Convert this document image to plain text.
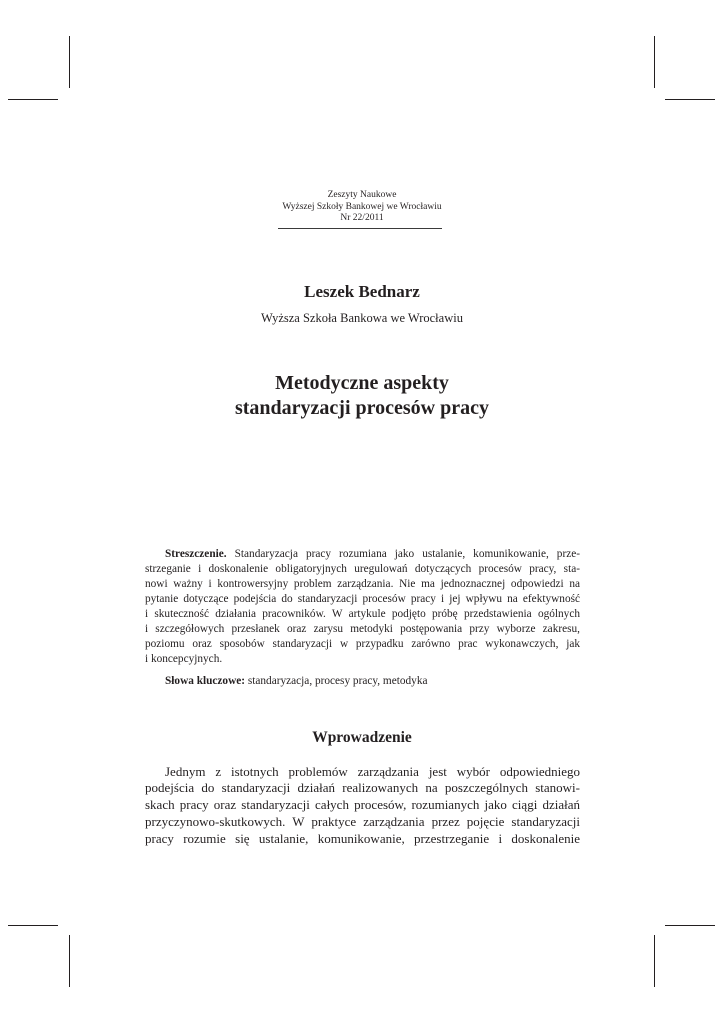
Zeszyty Naukowe
Wyższej Szkoły Bankowej we Wrocławiu
Nr 22/2011
Leszek Bednarz
Wyższa Szkoła Bankowa we Wrocławiu
Metodyczne aspekty
standaryzacji procesów pracy
Streszczenie. Standaryzacja pracy rozumiana jako ustalanie, komunikowanie, prze-
strzeganie i doskonalenie obligatoryjnych uregulowań dotyczących procesów pracy, sta-
nowi ważny i kontrowersyjny problem zarządzania. Nie ma jednoznacznej odpowiedzi na
pytanie dotyczące podejścia do standaryzacji procesów pracy i jej wpływu na efektywność
i skuteczność działania pracowników. W artykule podjęto próbę przedstawienia ogólnych
i szczegółowych przesłanek oraz zarysu metodyki postępowania przy wyborze zakresu,
poziomu oraz sposobów standaryzacji w przypadku zarówno prac wykonawczych, jak
i koncepcyjnych.
Słowa kluczowe: standaryzacja, procesy pracy, metodyka
Wprowadzenie
Jednym z istotnych problemów zarządzania jest wybór odpowiedniego
podejścia do standaryzacji działań realizowanych na poszczególnych stanowi-
skach pracy oraz standaryzacji całych procesów, rozumianych jako ciągi działań
przyczynowo-skutkowych. W praktyce zarządzania przez pojęcie standaryzacji
pracy rozumie się ustalanie, komunikowanie, przestrzeganie i doskonalenie
